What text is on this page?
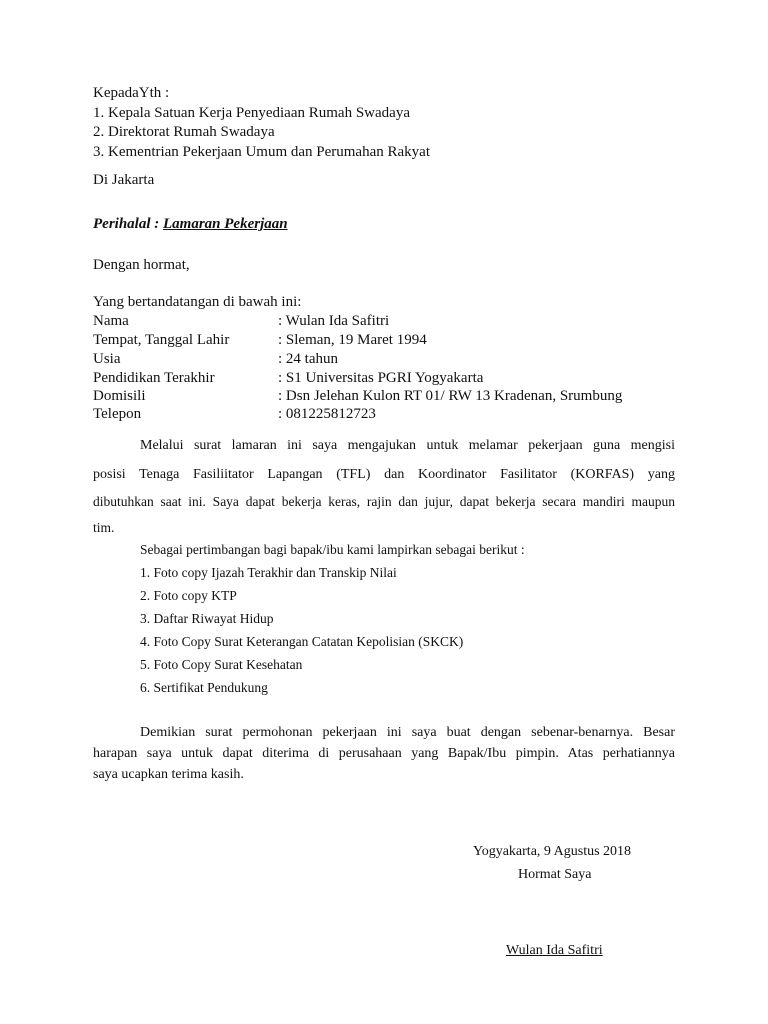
KepadaYth :
1. Kepala Satuan Kerja Penyediaan Rumah Swadaya
2. Direktorat Rumah Swadaya
3. Kementrian Pekerjaan Umum dan Perumahan Rakyat
Di Jakarta
Perihalal : Lamaran Pekerjaan
Dengan hormat,
Yang bertandatangan di bawah ini:
Nama	: Wulan Ida Safitri
Tempat, Tanggal Lahir	: Sleman, 19 Maret 1994
Usia	: 24 tahun
Pendidikan Terakhir	: S1 Universitas PGRI Yogyakarta
Domisili	: Dsn Jelehan Kulon RT 01/ RW 13 Kradenan, Srumbung
Telepon	: 081225812723
Melalui surat lamaran ini saya mengajukan untuk melamar pekerjaan guna mengisi
posisi Tenaga Fasiliitator Lapangan (TFL) dan Koordinator Fasilitator (KORFAS) yang
dibutuhkan saat ini. Saya dapat bekerja keras, rajin dan jujur, dapat bekerja secara mandiri maupun
tim.
Sebagai pertimbangan bagi bapak/ibu kami lampirkan sebagai berikut :
1. Foto copy Ijazah Terakhir dan Transkip Nilai
2. Foto copy KTP
3. Daftar Riwayat Hidup
4. Foto Copy Surat Keterangan Catatan Kepolisian (SKCK)
5. Foto Copy Surat Kesehatan
6. Sertifikat Pendukung
Demikian surat permohonan pekerjaan ini saya buat dengan sebenar-benarnya. Besar
harapan saya untuk dapat diterima di perusahaan yang Bapak/Ibu pimpin. Atas perhatiannya
saya ucapkan terima kasih.
Yogyakarta, 9 Agustus 2018
Hormat Saya
Wulan Ida Safitri
